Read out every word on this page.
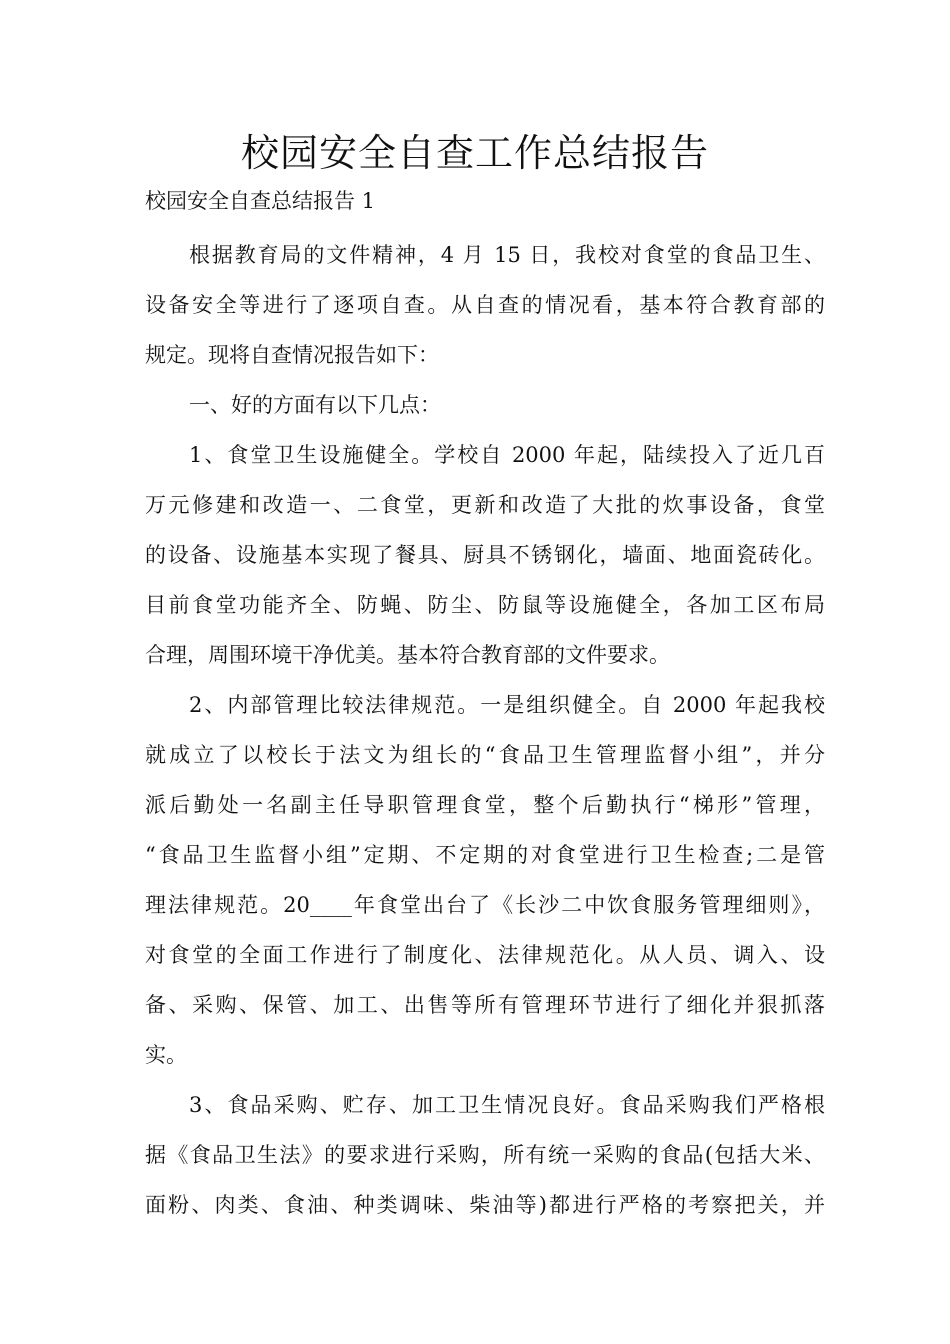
校园安全自查工作总结报告

校园安全自查总结报告 1

根据教育局的文件精神，4 月 15 日，我校对食堂的食品卫生、
设备安全等进行了逐项自查。从自查的情况看，基本符合教育部的
规定。现将自查情况报告如下：
一、好的方面有以下几点：
1、食堂卫生设施健全。学校自 2000 年起，陆续投入了近几百
万元修建和改造一、二食堂，更新和改造了大批的炊事设备，食堂
的设备、设施基本实现了餐具、厨具不锈钢化，墙面、地面瓷砖化。
目前食堂功能齐全、防蝇、防尘、防鼠等设施健全，各加工区布局
合理，周围环境干净优美。基本符合教育部的文件要求。
2、内部管理比较法律规范。一是组织健全。自 2000 年起我校
就成立了以校长于法文为组长的“食品卫生管理监督小组”，并分
派后勤处一名副主任导职管理食堂，整个后勤执行“梯形”管理，
“食品卫生监督小组”定期、不定期的对食堂进行卫生检查;二是管
理法律规范。20____年食堂出台了《长沙二中饮食服务管理细则》，
对食堂的全面工作进行了制度化、法律规范化。从人员、调入、设
备、采购、保管、加工、出售等所有管理环节进行了细化并狠抓落
实。
3、食品采购、贮存、加工卫生情况良好。食品采购我们严格根
据《食品卫生法》的要求进行采购，所有统一采购的食品(包括大米、
面粉、肉类、食油、种类调味、柴油等)都进行严格的考察把关，并
